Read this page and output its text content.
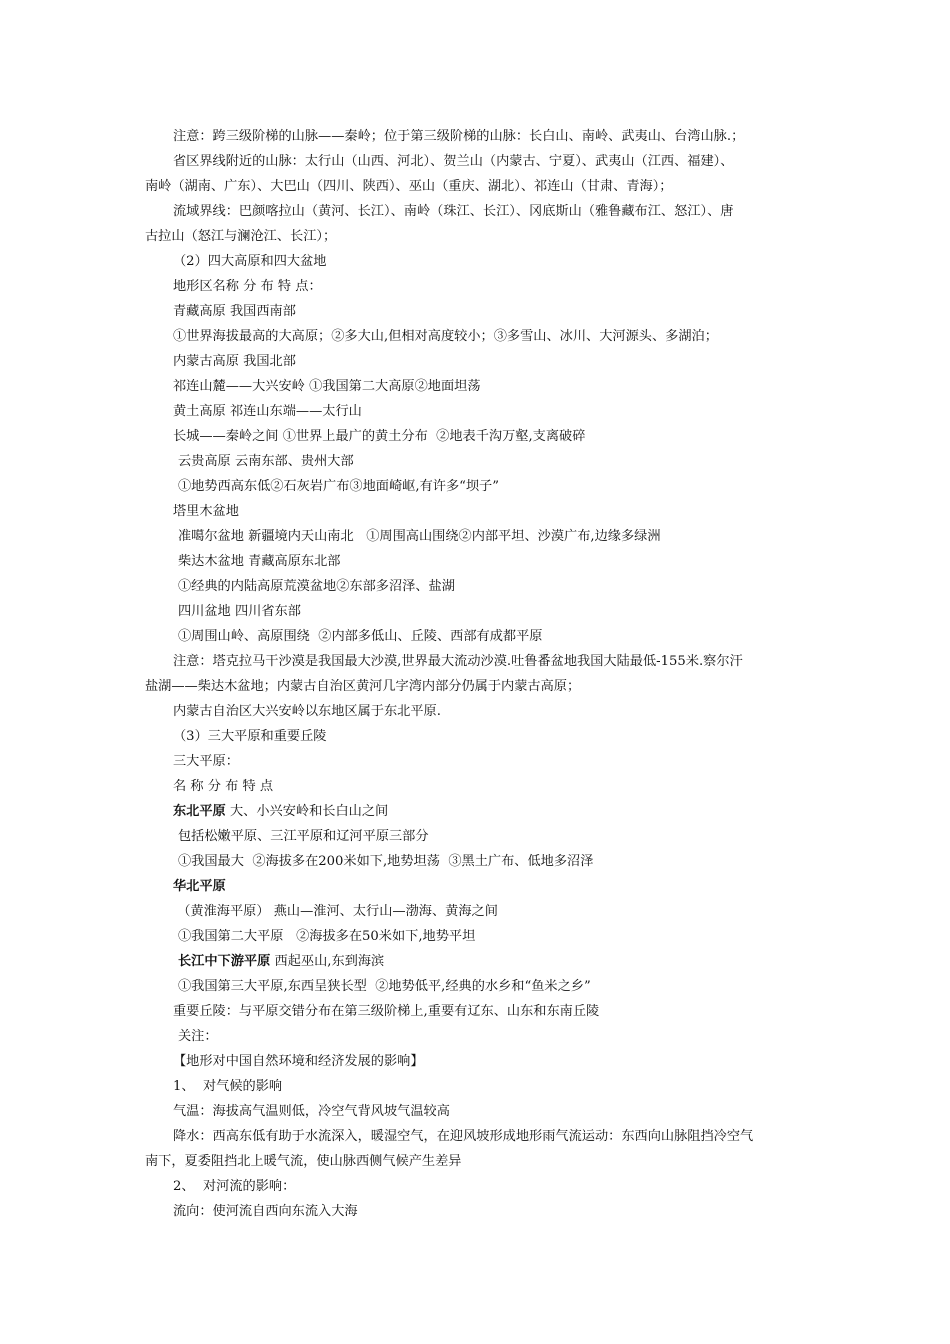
注意：跨三级阶梯的山脉——秦岭；位于第三级阶梯的山脉：长白山、南岭、武夷山、台湾山脉.；
省区界线附近的山脉：太行山（山西、河北）、贺兰山（内蒙古、宁夏）、武夷山（江西、福建）、
南岭（湖南、广东）、大巴山（四川、陕西）、巫山（重庆、湖北）、祁连山（甘肃、青海）；
流域界线：巴颜喀拉山（黄河、长江）、南岭（珠江、长江）、冈底斯山（雅鲁藏布江、怒江）、唐
古拉山（怒江与澜沧江、长江）；
（2）四大高原和四大盆地
地形区名称 分 布 特 点：
青藏高原 我国西南部
①世界海拔最高的大高原；②多大山,但相对高度较小；③多雪山、冰川、大河源头、多湖泊；
内蒙古高原 我国北部
祁连山麓——大兴安岭 ①我国第二大高原②地面坦荡
黄土高原 祁连山东端——太行山
长城——秦岭之间 ①世界上最广的黄土分布  ②地表千沟万壑,支离破碎
云贵高原 云南东部、贵州大部
①地势西高东低②石灰岩广布③地面崎岖,有许多“坝子”
塔里木盆地
准噶尔盆地 新疆境内天山南北   ①周围高山围绕②内部平坦、沙漠广布,边缘多绿洲
柴达木盆地 青藏高原东北部
①经典的内陆高原荒漠盆地②东部多沼泽、盐湖
四川盆地 四川省东部
①周围山岭、高原围绕  ②内部多低山、丘陵、西部有成都平原
注意：塔克拉马干沙漠是我国最大沙漠,世界最大流动沙漠.吐鲁番盆地我国大陆最低-155米.察尔汗
盐湖——柴达木盆地；内蒙古自治区黄河几字湾内部分仍属于内蒙古高原；
内蒙古自治区大兴安岭以东地区属于东北平原.
（3）三大平原和重要丘陵
三大平原：
名 称 分 布 特 点
东北平原 大、小兴安岭和长白山之间
包括松嫩平原、三江平原和辽河平原三部分
①我国最大  ②海拔多在200米如下,地势坦荡  ③黑土广布、低地多沼泽
华北平原
（黄淮海平原） 燕山—淮河、太行山—渤海、黄海之间
①我国第二大平原   ②海拔多在50米如下,地势平坦
长江中下游平原 西起巫山,东到海滨
①我国第三大平原,东西呈狭长型  ②地势低平,经典的水乡和“鱼米之乡”
重要丘陵：与平原交错分布在第三级阶梯上,重要有辽东、山东和东南丘陵
关注：
【地形对中国自然环境和经济发展的影响】
1、  对气候的影响
气温：海拔高气温则低，冷空气背风坡气温较高
降水：西高东低有助于水流深入，暖湿空气，在迎风坡形成地形雨气流运动：东西向山脉阻挡冷空气
南下，夏委阻挡北上暖气流，使山脉西侧气候产生差异
2、  对河流的影响：
流向：使河流自西向东流入大海
